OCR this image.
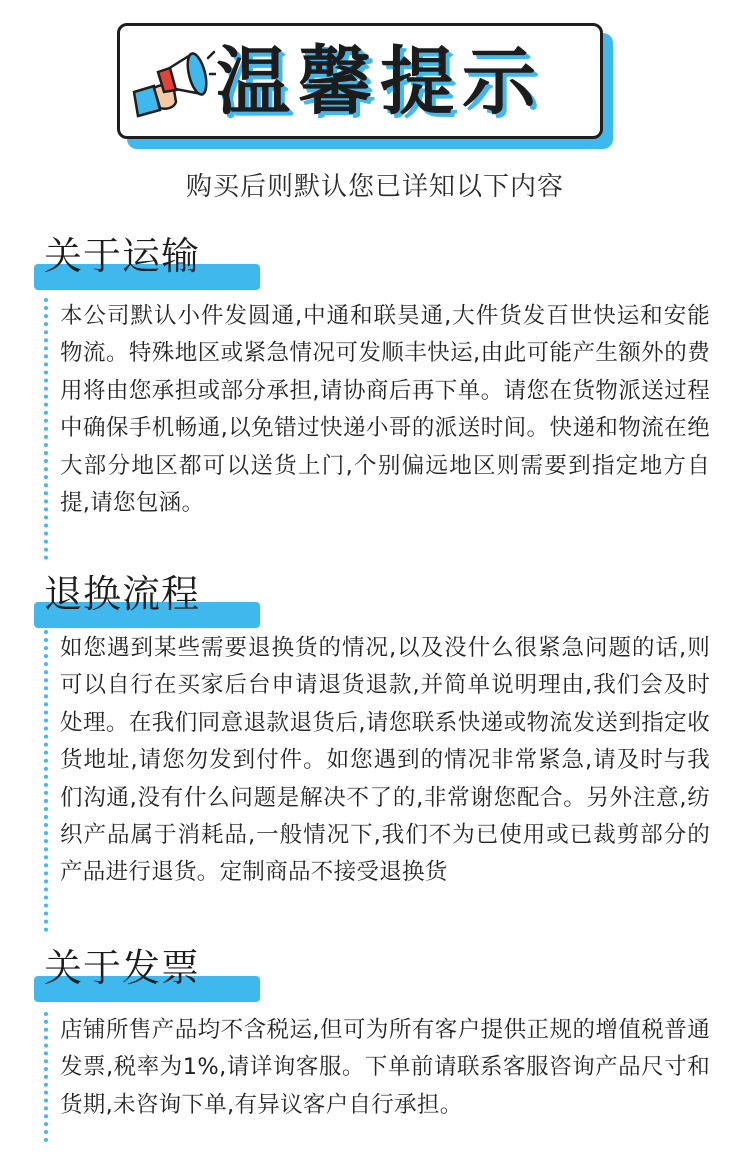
温馨提示
购买后则默认您已详知以下内容
关于运输

本公司默认小件发圆通,中通和联昊通,大件货发百世快运和安能物流。特殊地区或紧急情况可发顺丰快运,由此可能产生额外的费用将由您承担或部分承担,请协商后再下单。请您在货物派送过程中确保手机畅通,以免错过快递小哥的派送时间。快递和物流在绝大部分地区都可以送货上门,个别偏远地区则需要到指定地方自提,请您包涵。

退换流程

如您遇到某些需要退换货的情况,以及没什么很紧急问题的话,则可以自行在买家后台申请退货退款,并简单说明理由,我们会及时处理。在我们同意退款退货后,请您联系快递或物流发送到指定收货地址,请您勿发到付件。如您遇到的情况非常紧急,请及时与我们沟通,没有什么问题是解决不了的,非常谢您配合。另外注意,纺织产品属于消耗品,一般情况下,我们不为已使用或已裁剪部分的产品进行退货。定制商品不接受退换货

关于发票

店铺所售产品均不含税运,但可为所有客户提供正规的增值税普通发票,税率为1%,请详询客服。下单前请联系客服咨询产品尺寸和货期,未咨询下单,有异议客户自行承担。
